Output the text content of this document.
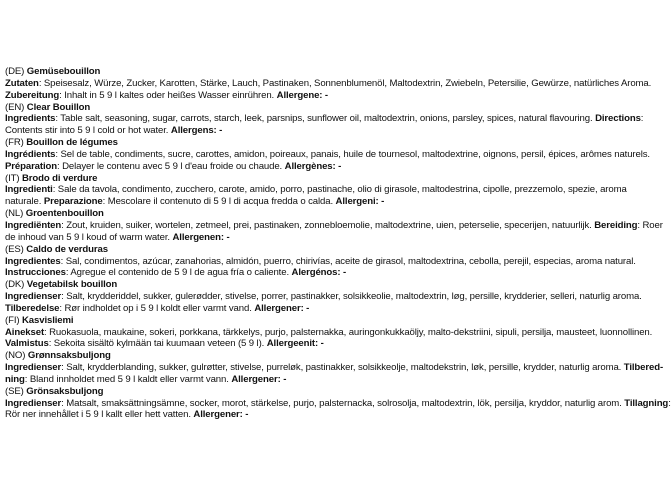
(DE) Gemüsebouillon
Zutaten: Speisesalz, Würze, Zucker, Karotten, Stärke, Lauch, Pastinaken, Sonnenblumenöl, Maltodextrin, Zwiebeln, Petersilie, Gewürze, natürliches Aroma.
Zubereitung: Inhalt in 5 9 l kaltes oder heißes Wasser einrühren. Allergene: -
(EN) Clear Bouillon
Ingredients: Table salt, seasoning, sugar, carrots, starch, leek, parsnips, sunflower oil, maltodextrin, onions, parsley, spices, natural flavouring. Directions:
Contents stir into 5 9 l cold or hot water. Allergens: -
(FR) Bouillon de légumes
Ingrédients: Sel de table, condiments, sucre, carottes, amidon, poireaux, panais, huile de tournesol, maltodextrine, oignons, persil, épices, arômes naturels.
Préparation: Delayer le contenu avec 5 9 l d'eau froide ou chaude. Allergènes: -
(IT) Brodo di verdure
Ingredienti: Sale da tavola, condimento, zucchero, carote, amido, porro, pastinache, olio di girasole, maltodestrina, cipolle, prezzemolo, spezie, aroma
naturale. Preparazione: Mescolare il contenuto di 5 9 l di acqua fredda o calda. Allergeni: -
(NL) Groentenbouillon
Ingrediënten: Zout, kruiden, suiker, wortelen, zetmeel, prei, pastinaken, zonnebloemolie, maltodextrine, uien, peterselie, specerijen, natuurlijk. Bereiding: Roer
de inhoud van 5 9 l koud of warm water. Allergenen: -
(ES) Caldo de verduras
Ingredientes: Sal, condimentos, azúcar, zanahorias, almidón, puerro, chirivías, aceite de girasol, maltodextrina, cebolla, perejil, especias, aroma natural.
Instrucciones: Agregue el contenido de 5 9 l de agua fría o caliente. Alergénos: -
(DK) Vegetabilsk bouillon
Ingredienser: Salt, krydderiddel, sukker, gulerødder, stivelse, porrer, pastinakker, solsikkeolie, maltodextrin, løg, persille, krydderier, selleri, naturlig aroma.
Tilberedelse: Rør indholdet op i 5 9 l koldt eller varmt vand. Allergener: -
(FI) Kasvisliemi
Ainekset: Ruokasuola, maukaine, sokeri, porkkana, tärkkelys, purjo, palsternakka, auringonkukkaöljy, malto-dekstriini, sipuli, persilja, mausteet, luonnollinen.
Valmistus: Sekoita sisältö kylmään tai kuumaan veteen (5 9 l). Allergeenit: -
(NO) Grønnsaksbuljong
Ingredienser: Salt, krydderblanding, sukker, gulrøtter, stivelse, purreløk, pastinakker, solsikkeolje, maltodekstrin, løk, persille, krydder, naturlig aroma. Tilbered-
ning: Bland innholdet med 5 9 l kaldt eller varmt vann. Allergener: -
(SE) Grönsaksbuljong
Ingredienser: Matsalt, smaksättningsämne, socker, morot, stärkelse, purjo, palsternacka, solrosolja, maltodextrin, lök, persilja, kryddor, naturlig arom. Tillagning:
Rör ner innehållet i 5 9 l kallt eller hett vatten. Allergener: -
